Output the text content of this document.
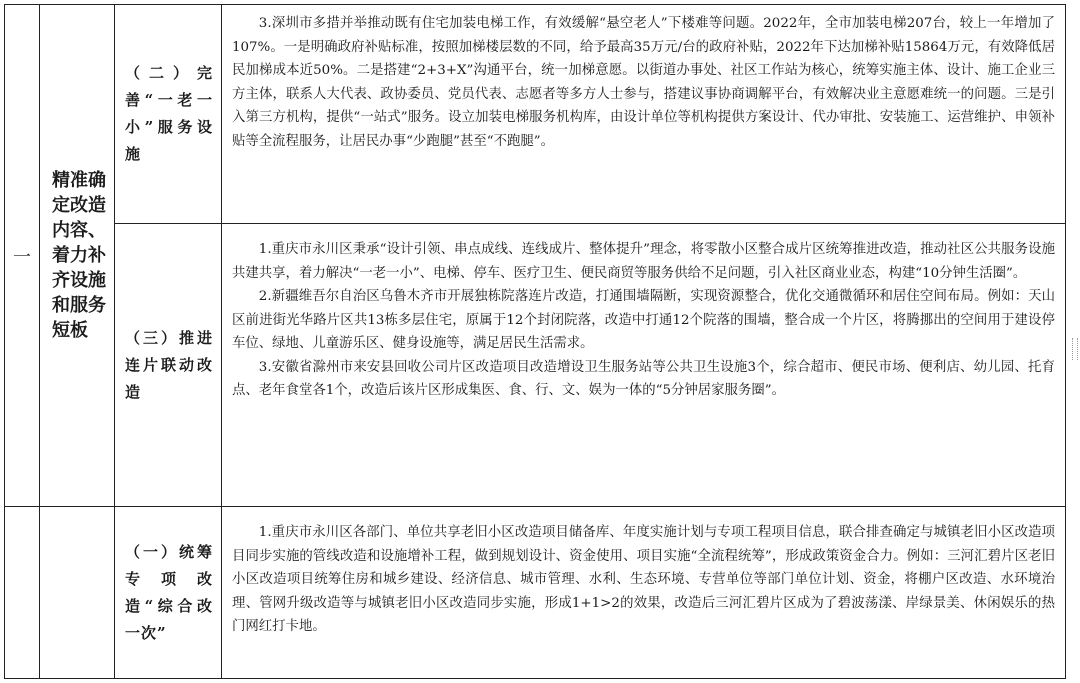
一
精准确定改造内容、着力补齐设施和服务短板
（二）完善“一老一小”服务设施

3.深圳市多措并举推动既有住宅加装电梯工作，有效缓解“悬空老人”下楼难等问题。2022年，全市加装电梯207台，较上一年增加了107%。一是明确政府补贴标准，按照加梯楼层数的不同，给予最高35万元/台的政府补贴，2022年下达加梯补贴15864万元，有效降低居民加梯成本近50%。二是搭建“2+3+X”沟通平台，统一加梯意愿。以街道办事处、社区工作站为核心，统筹实施主体、设计、施工企业三方主体，联系人大代表、政协委员、党员代表、志愿者等多方人士参与，搭建议事协商调解平台，有效解决业主意愿难统一的问题。三是引入第三方机构，提供“一站式”服务。设立加装电梯服务机构库，由设计单位等机构提供方案设计、代办审批、安装施工、运营维护、申领补贴等全流程服务，让居民办事“少跑腿”甚至“不跑腿”。

（三）推进连片联动改造

1.重庆市永川区秉承“设计引领、串点成线、连线成片、整体提升”理念，将零散小区整合成片区统筹推进改造，推动社区公共服务设施共建共享，着力解决“一老一小”、电梯、停车、医疗卫生、便民商贸等服务供给不足问题，引入社区商业业态，构建“10分钟生活圈”。

2.新疆维吾尔自治区乌鲁木齐市开展独栋院落连片改造，打通围墙隔断，实现资源整合，优化交通微循环和居住空间布局。例如：天山区前进街光华路片区共13栋多层住宅，原属于12个封闭院落，改造中打通12个院落的围墙，整合成一个片区，将腾挪出的空间用于建设停车位、绿地、儿童游乐区、健身设施等，满足居民生活需求。

3.安徽省滁州市来安县回收公司片区改造项目改造增设卫生服务站等公共卫生设施3个，综合超市、便民市场、便利店、幼儿园、托育点、老年食堂各1个，改造后该片区形成集医、食、行、文、娱为一体的“5分钟居家服务圈”。

（一）统筹专项改造“综合改一次”

1.重庆市永川区各部门、单位共享老旧小区改造项目储备库、年度实施计划与专项工程项目信息，联合排查确定与城镇老旧小区改造项目同步实施的管线改造和设施增补工程，做到规划设计、资金使用、项目实施“全流程统筹”，形成政策资金合力。例如：三河汇碧片区老旧小区改造项目统筹住房和城乡建设、经济信息、城市管理、水利、生态环境、专营单位等部门单位计划、资金，将棚户区改造、水环境治理、管网升级改造等与城镇老旧小区改造同步实施，形成1+1>2的效果，改造后三河汇碧片区成为了碧波荡漾、岸绿景美、休闲娱乐的热门网红打卡地。
